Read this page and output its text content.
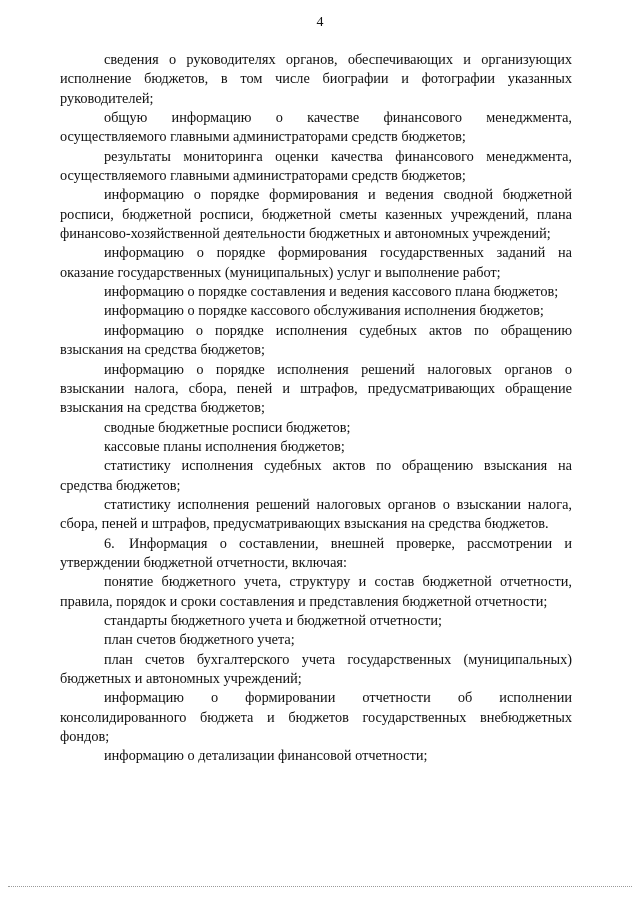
4

сведения о руководителях органов, обеспечивающих и организующих исполнение бюджетов, в том числе биографии и фотографии указанных руководителей;

общую информацию о качестве финансового менеджмента, осуществляемого главными администраторами средств бюджетов;

результаты мониторинга оценки качества финансового менеджмента, осуществляемого главными администраторами средств бюджетов;

информацию о порядке формирования и ведения сводной бюджетной росписи, бюджетной росписи, бюджетной сметы казенных учреждений, плана финансово-хозяйственной деятельности бюджетных и автономных учреждений;

информацию о порядке формирования государственных заданий на оказание государственных (муниципальных) услуг и выполнение работ;

информацию о порядке составления и ведения кассового плана бюджетов;

информацию о порядке кассового обслуживания исполнения бюджетов;

информацию о порядке исполнения судебных актов по обращению взыскания на средства бюджетов;

информацию о порядке исполнения решений налоговых органов о взыскании налога, сбора, пеней и штрафов, предусматривающих обращение взыскания на средства бюджетов;

сводные бюджетные росписи бюджетов;

кассовые планы исполнения бюджетов;

статистику исполнения судебных актов по обращению взыскания на средства бюджетов;

статистику исполнения решений налоговых органов о взыскании налога, сбора, пеней и штрафов, предусматривающих взыскания на средства бюджетов.

6. Информация о составлении, внешней проверке, рассмотрении и утверждении бюджетной отчетности, включая:

понятие бюджетного учета, структуру и состав бюджетной отчетности, правила, порядок и сроки составления и представления бюджетной отчетности;

стандарты бюджетного учета и бюджетной отчетности;

план счетов бюджетного учета;

план счетов бухгалтерского учета государственных (муниципальных) бюджетных и автономных учреждений;

информацию о формировании отчетности об исполнении консолидированного бюджета и бюджетов государственных внебюджетных фондов;

информацию о детализации финансовой отчетности;
